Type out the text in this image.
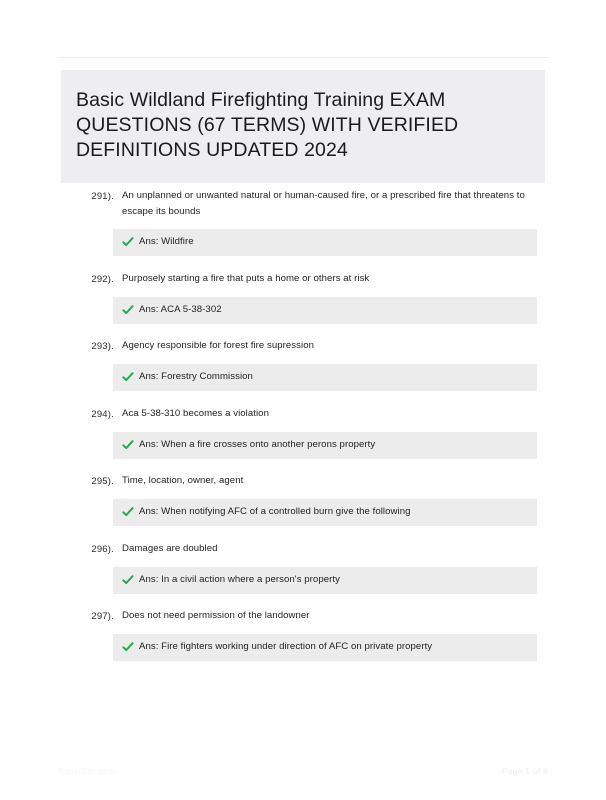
Basic Wildland Firefighting Training EXAM QUESTIONS (67 TERMS) WITH VERIFIED DEFINITIONS UPDATED 2024
291). An unplanned or unwanted natural or human-caused fire, or a prescribed fire that threatens to escape its bounds
Ans: Wildfire
292). Purposely starting a fire that puts a home or others at risk
Ans: ACA 5-38-302
293). Agency responsible for forest fire supression
Ans: Forestry Commission
294). Aca 5-38-310 becomes a violation
Ans: When a fire crosses onto another perons property
295). Time, location, owner, agent
Ans: When notifying AFC of a controlled burn give the following
296). Damages are doubled
Ans: In a civil action where a person's property
297). Does not need permission of the landowner
Ans: Fire fighters working under direction of AFC on private property
PaperStic.com	Page 1 of 8
